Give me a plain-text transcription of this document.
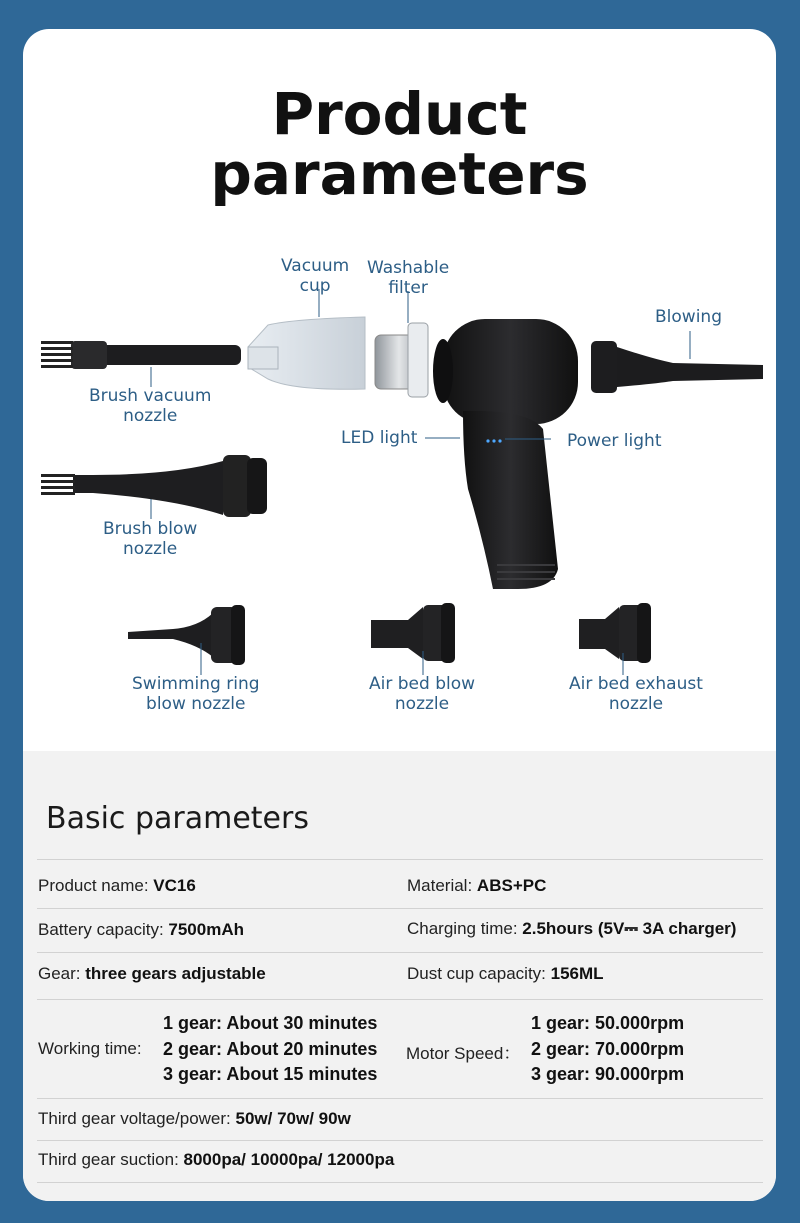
Product
parameters
Vacuum
cup
Washable
filter
Blowing
Brush vacuum
nozzle
LED light	Power light
Brush blow
nozzle
Swimming ring
blow nozzle
Air bed blow
nozzle
Air bed exhaust
nozzle
Basic parameters
Product name: VC16	Material: ABS+PC
Battery capacity: 7500mAh	Charging time: 2.5hours (5V⎓ 3A charger)
Gear: three gears adjustable	Dust cup capacity: 156ML
Working time:
1 gear: About 30 minutes
2 gear: About 20 minutes
3 gear: About 15 minutes
Motor Speed：
1 gear: 50.000rpm
2 gear: 70.000rpm
3 gear: 90.000rpm
Third gear voltage/power: 50w/ 70w/ 90w
Third gear suction: 8000pa/ 10000pa/ 12000pa
